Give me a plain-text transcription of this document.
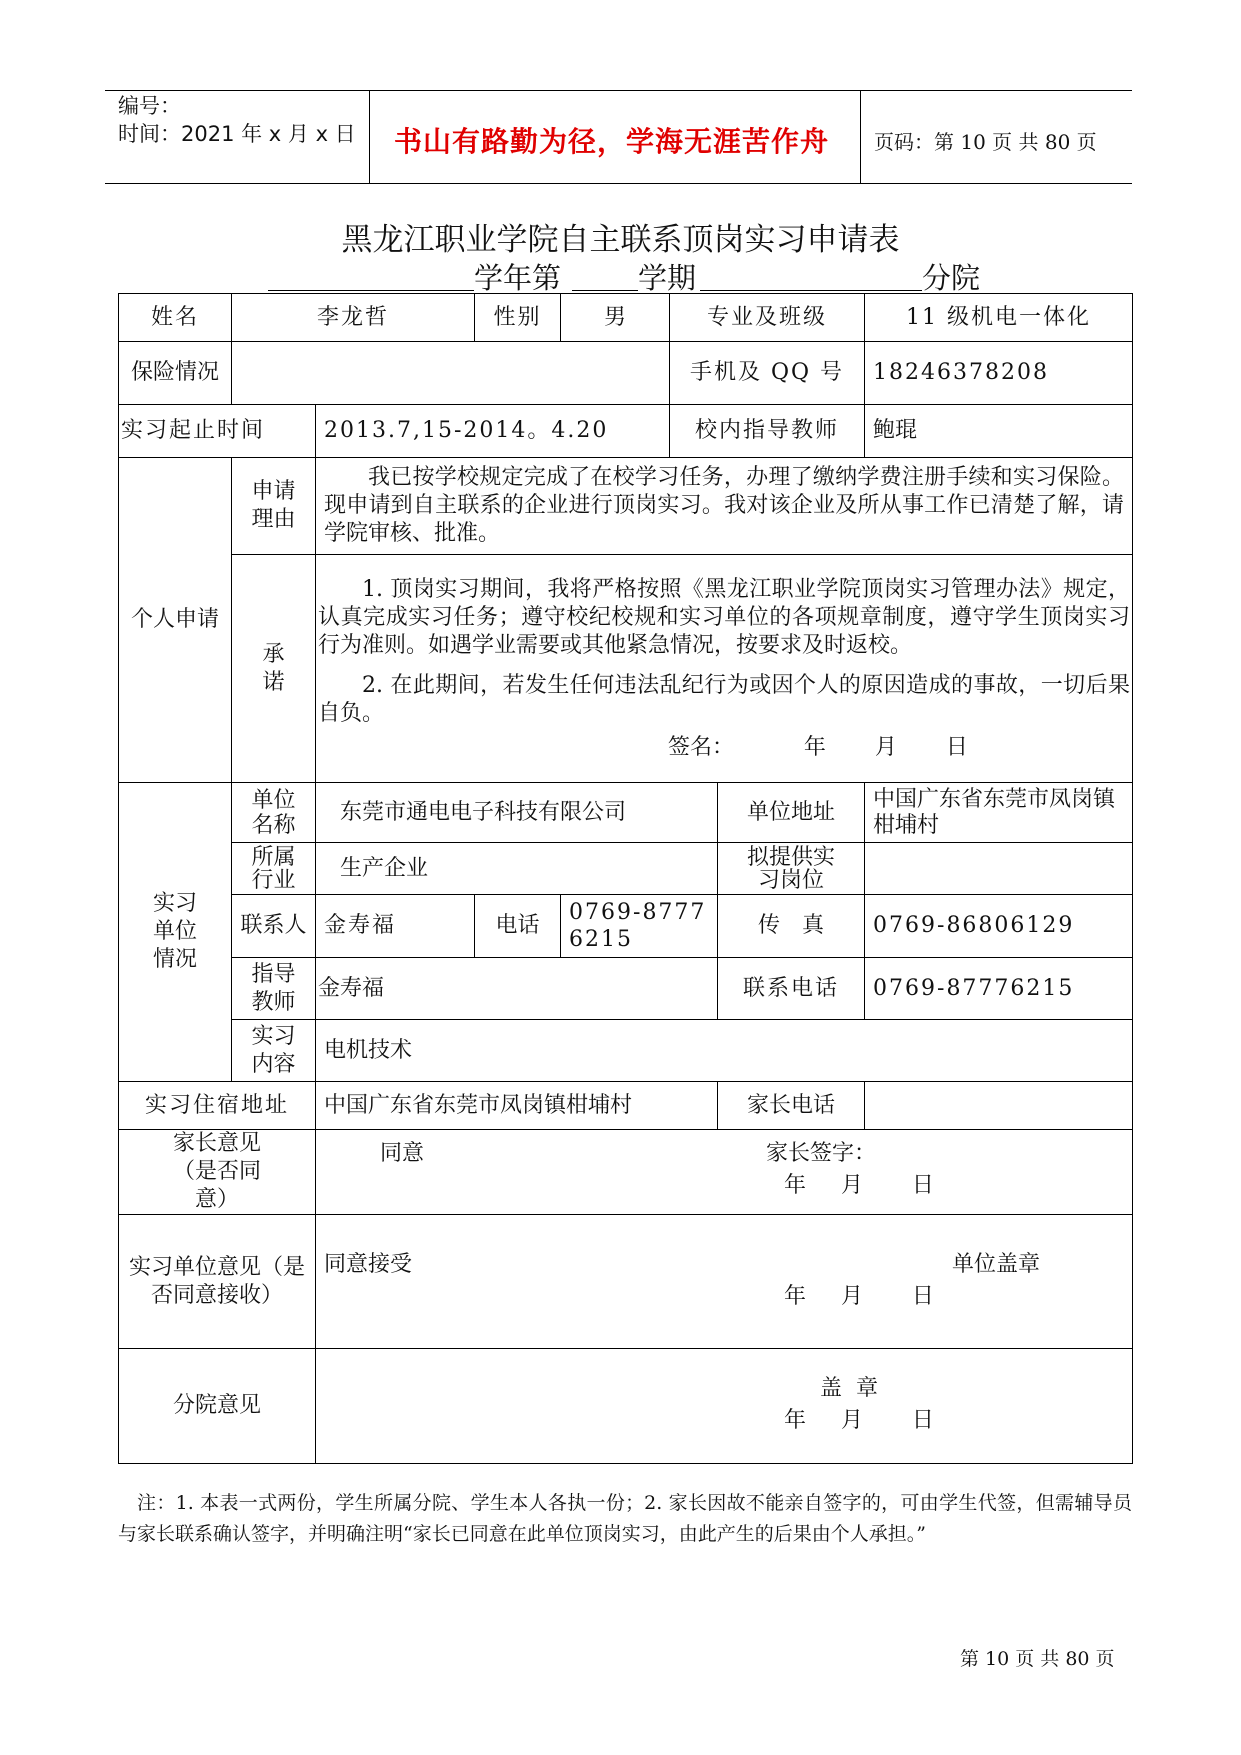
编号：
时间：2021 年 x 月 x 日 书山有路勤为径，学海无涯苦作舟 页码：第 10 页 共 80 页
黑龙江职业学院自主联系顶岗实习申请表
学年第	学期	分院
姓名	李龙哲		性别	男	专业及班级		11 级机电一体化
保险情况					手机及 QQ 号		18246378208
实习起止时间		2013.7,15-2014。4.20			校内指导教师		鲍琨
个人申请	申请理由	我已按学校规定完成了在校学习任务，办理了缴纳学费注册手续和实习保险。现申请到自主联系的企业进行顶岗实习。我对该企业及所从事工作已清楚了解，请学院审核、批准。					
	承诺	1. 顶岗实习期间，我将严格按照《黑龙江职业学院顶岗实习管理办法》规定，认真完成实习任务；遵守校纪校规和实习单位的各项规章制度，遵守学生顶岗实习行为准则。如遇学业需要或其他紧急情况，按要求及时返校。
2. 在此期间，若发生任何违法乱纪行为或因个人的原因造成的事故，一切后果自负。
签名：          年       月       日					

实习单位情况	单位名称	东莞市通电电子科技有限公司				单位地址	中国广东省东莞市凤岗镇柑埔村
	所属行业	生产企业				拟提供实习岗位	
	联系人	金寿福	电话	0769-87776215		传　真	0769-86806129
	指导教师	金寿福				联系电话	0769-87776215
	实习内容	电机技术					
实习住宿地址		中国广东省东莞市凤岗镇柑埔村				家长电话	
家长意见（是否同意）		同意 家长签字：
年     月       日					

实习单位意见（是否同意接收）		同意接受 单位盖章
年     月       日					

分院意见		盖  章
年     月       日					
注：1. 本表一式两份，学生所属分院、学生本人各执一份；2. 家长因故不能亲自签字的，可由学生代签，但需辅导员与家长联系确认签字，并明确注明“家长已同意在此单位顶岗实习，由此产生的后果由个人承担。”
第 10 页 共 80 页
